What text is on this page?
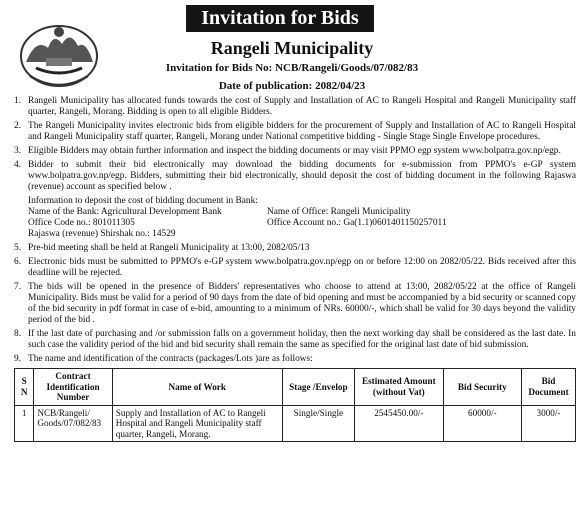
Invitation for Bids
Rangeli Municipality
Invitation for Bids No: NCB/Rangeli/Goods/07/082/83
Date of publication: 2082/04/23
1. Rangeli Municipality has allocated funds towards the cost of Supply and Installation of AC to Rangeli Hospital and Rangeli Municipality staff quarter, Rangeli, Morang. Bidding is open to all eligible Bidders.
2. The Rangeli Municipality invites electronic bids from eligible bidders for the procurement of Supply and Installation of AC to Rangeli Hospital and Rangeli Municipality staff quarter, Rangeli, Morang under National competitive bidding - Single Stage Single Envelope procedures.
3. Eligible Bidders may obtain further information and inspect the bidding documents or may visit PPMO egp system www.bolpatra.gov.np/egp.
4. Bidder to submit their bid electronically may download the bidding documents for e-submission from PPMO's e-GP system www.bolpatra.gov.np/egp. Bidders, submitting their bid electronically, should deposit the cost of bidding document in the following Rajaswa (revenue) account as specified below .
Information to deposit the cost of bidding document in Bank:
Name of the Bank: Agricultural Development Bank	Name of Office: Rangeli Municipality
Office Code no.: 801011305	Office Account no.: Ga(1.1)0601401150257011
Rajaswa (revenue) Shirshak no.: 14529
5. Pre-bid meeting shall be held at Rangeli Municipality at 13:00, 2082/05/13
6. Electronic bids must be submitted to PPMO's e-GP system www.bolpatra.gov.np/egp on or before 12:00 on 2082/05/22. Bids received after this deadline will be rejected.
7. The bids will be opened in the presence of Bidders' representatives who choose to attend at 13:00, 2082/05/22 at the office of Rangeli Municipality. Bids must be valid for a period of 90 days from the date of bid opening and must be accompanied by a bid security or scanned copy of the bid security in pdf format in case of e-bid, amounting to a minimum of NRs. 60000/-, which shall be valid for 30 days beyond the validity period of the bid .
8. If the last date of purchasing and /or submission falls on a government holiday, then the next working day shall be considered as the last date. In such case the validity period of the bid and bid security shall remain the same as specified for the original last date of bid submission.
9. The name and identification of the contracts (packages/Lots )are as follows:
S N	Contract Identification Number	Name of Work	Stage /Envelop	Estimated Amount (without Vat)	Bid Security	Bid Document
1	NCB/Rangeli/ Goods/07/082/83	Supply and Installation of AC to Rangeli Hospital and Rangeli Municipality staff quarter, Rangeli, Morang.	Single/Single	2545450.00/-	60000/-	3000/-
